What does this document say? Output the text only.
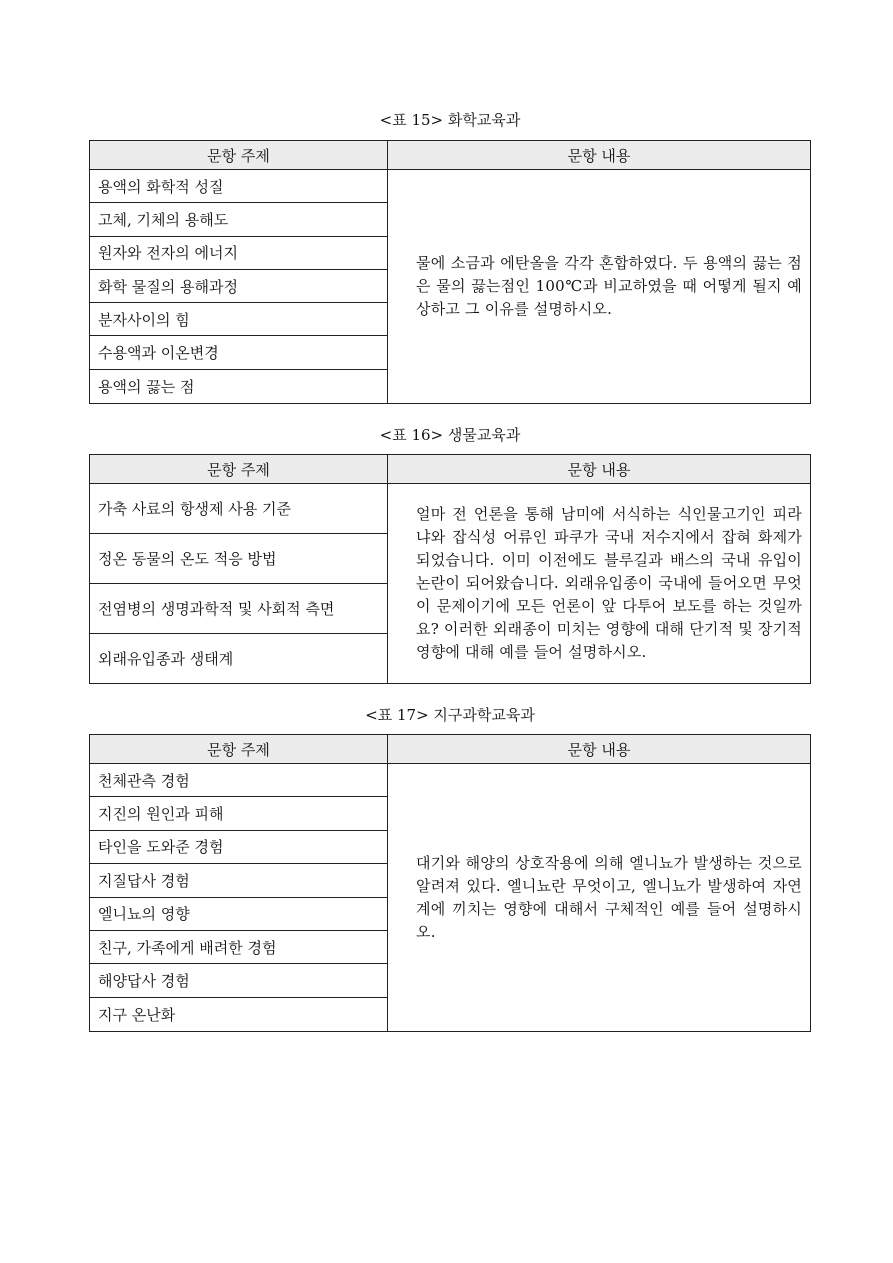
<표 15> 화학교육과
문항 주제	문항 내용
용액의 화학적 성질
고체, 기체의 용해도
원자와 전자의 에너지
화학 물질의 용해과정
분자사이의 힘
수용액과 이온변경
용액의 끓는 점

물에 소금과 에탄올을 각각 혼합하였다. 두 용액의 끓는 점은 물의 끓는점인 100℃과 비교하였을 때 어떻게 될지 예상하고 그 이유를 설명하시오.

<표 16> 생물교육과
문항 주제	문항 내용
가축 사료의 항생제 사용 기준
정온 동물의 온도 적응 방법
전염병의 생명과학적 및 사회적 측면
외래유입종과 생태계

얼마 전 언론을 통해 남미에 서식하는 식인물고기인 피라냐와 잡식성 어류인 파쿠가 국내 저수지에서 잡혀 화제가 되었습니다. 이미 이전에도 블루길과 배스의 국내 유입이 논란이 되어왔습니다. 외래유입종이 국내에 들어오면 무엇이 문제이기에 모든 언론이 앞 다투어 보도를 하는 것일까요? 이러한 외래종이 미치는 영향에 대해 단기적 및 장기적 영향에 대해 예를 들어 설명하시오.

<표 17> 지구과학교육과
문항 주제	문항 내용
천체관측 경험
지진의 원인과 피해
타인을 도와준 경험
지질답사 경험
엘니뇨의 영향
친구, 가족에게 배려한 경험
해양답사 경험
지구 온난화

대기와 해양의 상호작용에 의해 엘니뇨가 발생하는 것으로 알려져 있다. 엘니뇨란 무엇이고, 엘니뇨가 발생하여 자연계에 끼치는 영향에 대해서 구체적인 예를 들어 설명하시오.
